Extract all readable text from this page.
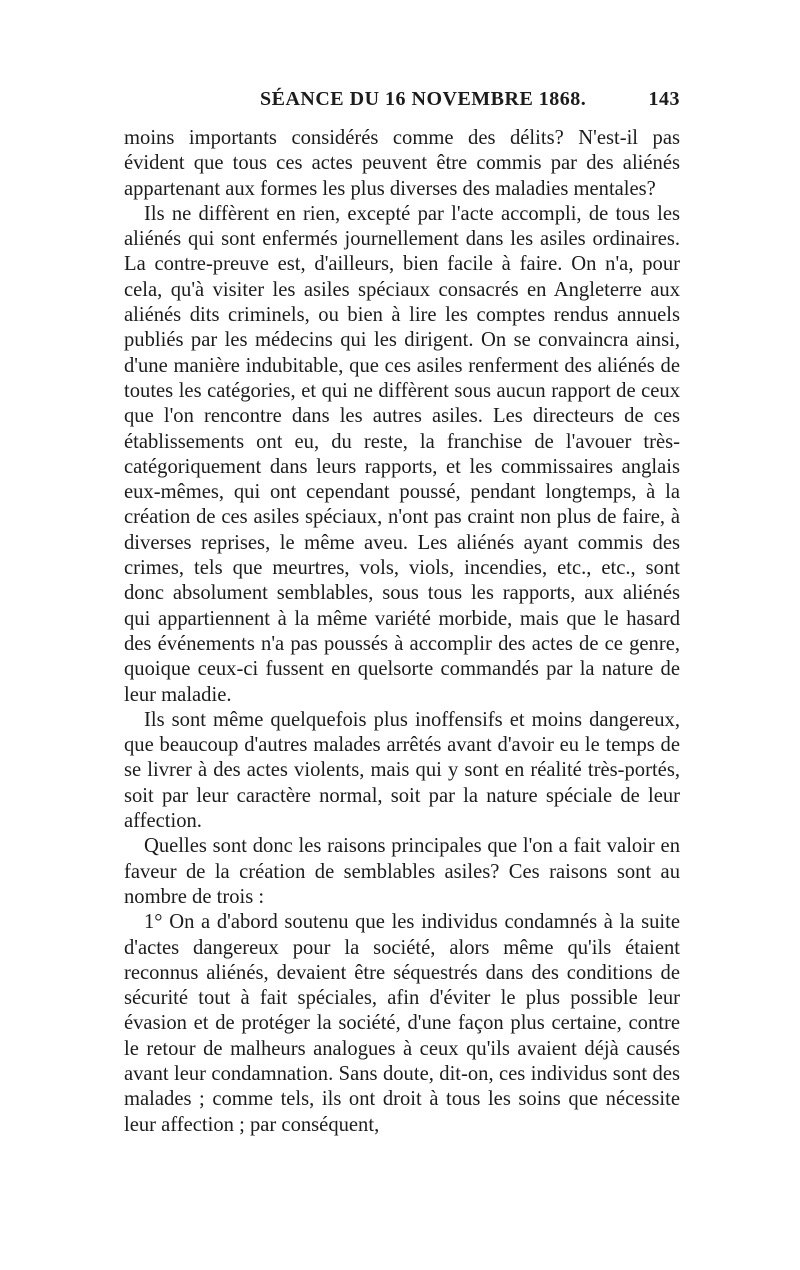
SÉANCE DU 16 NOVEMBRE 1868.	143

moins importants considérés comme des délits? N'est-il pas évident que tous ces actes peuvent être commis par des aliénés appartenant aux formes les plus diverses des maladies mentales?

Ils ne diffèrent en rien, excepté par l'acte accompli, de tous les aliénés qui sont enfermés journellement dans les asiles ordinaires. La contre-preuve est, d'ailleurs, bien facile à faire. On n'a, pour cela, qu'à visiter les asiles spéciaux consacrés en Angleterre aux aliénés dits criminels, ou bien à lire les comptes rendus annuels publiés par les médecins qui les dirigent. On se convaincra ainsi, d'une manière indubitable, que ces asiles renferment des aliénés de toutes les catégories, et qui ne diffèrent sous aucun rapport de ceux que l'on rencontre dans les autres asiles. Les directeurs de ces établissements ont eu, du reste, la franchise de l'avouer très-catégoriquement dans leurs rapports, et les commissaires anglais eux-mêmes, qui ont cependant poussé, pendant longtemps, à la création de ces asiles spéciaux, n'ont pas craint non plus de faire, à diverses reprises, le même aveu. Les aliénés ayant commis des crimes, tels que meurtres, vols, viols, incendies, etc., etc., sont donc absolument semblables, sous tous les rapports, aux aliénés qui appartiennent à la même variété morbide, mais que le hasard des événements n'a pas poussés à accomplir des actes de ce genre, quoique ceux-ci fussent en quelsorte commandés par la nature de leur maladie.

Ils sont même quelquefois plus inoffensifs et moins dangereux, que beaucoup d'autres malades arrêtés avant d'avoir eu le temps de se livrer à des actes violents, mais qui y sont en réalité très-portés, soit par leur caractère normal, soit par la nature spéciale de leur affection.

Quelles sont donc les raisons principales que l'on a fait valoir en faveur de la création de semblables asiles? Ces raisons sont au nombre de trois :

1° On a d'abord soutenu que les individus condamnés à la suite d'actes dangereux pour la société, alors même qu'ils étaient reconnus aliénés, devaient être séquestrés dans des conditions de sécurité tout à fait spéciales, afin d'éviter le plus possible leur évasion et de protéger la société, d'une façon plus certaine, contre le retour de malheurs analogues à ceux qu'ils avaient déjà causés avant leur condamnation. Sans doute, dit-on, ces individus sont des malades ; comme tels, ils ont droit à tous les soins que nécessite leur affection ; par conséquent,
